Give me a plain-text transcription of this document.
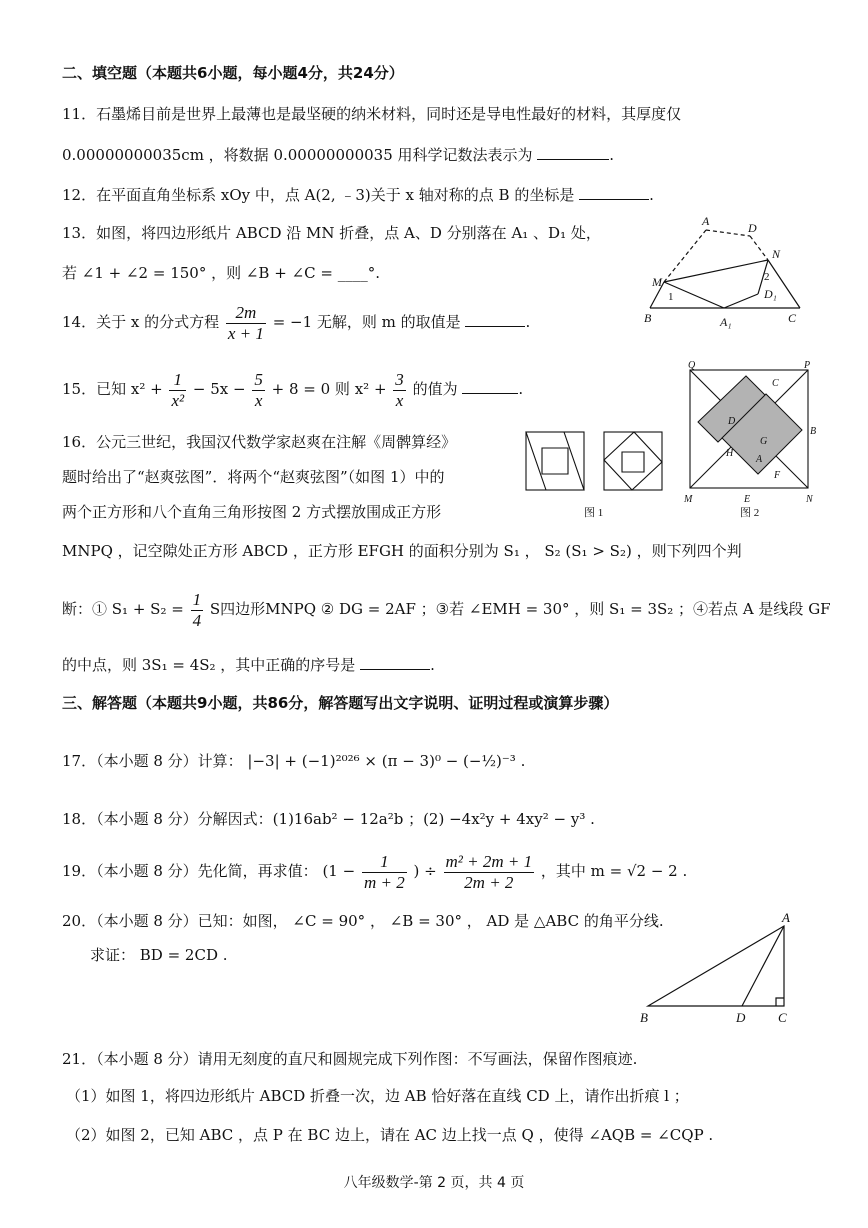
二、填空题（本题共6小题，每小题4分，共24分）
11．石墨烯目前是世界上最薄也是最坚硬的纳米材料，同时还是导电性最好的材料，其厚度仅
0.00000000035cm ，将数据 0.00000000035 用科学记数法表示为	.
12．在平面直角坐标系 xOy 中，点 A(2, ﹣3)关于 x 轴对称的点 B 的坐标是	.
13．如图，将四边形纸片 ABCD 沿 MN 折叠，点 A、D 分别落在 A₁ 、D₁ 处，
若 ∠1 + ∠2 = 150° ，则 ∠B + ∠C = ____°.
A	D
N
M
B	C
A₁
D₁
1
2
14．关于 x 的分式方程 $\frac{2m}{x + 1} = -1$ 无解，则 m 的取值是	.
15．已知 $x^2 + \frac{1}{\text{x²}} - 5x - \frac{5}{x} + 8 = 0$ 则 $x^2 + \frac{3}{x}$ 的值为	.
16．公元三世纪，我国汉代数学家赵爽在注解《周髀算经》
题时给出了“赵爽弦图”．将两个“赵爽弦图”（如图 1）中的
两个正方形和八个直角三角形按图 2 方式摆放围成正方形
MNPQ ，记空隙处正方形 ABCD ，正方形 EFGH 的面积分别为 S₁ ， S₂ (S₁ > S₂) ，则下列四个判
断：① $S_1 + S_2 = \frac{1}{4}$ S四边形MNPQ ② DG = 2AF ；③若 ∠EMH = 30° ，则 S₁ = 3S₂ ；④若点 A 是线段 GF
的中点，则 3S₁ = 4S₂ ，其中正确的序号是	.
图 1
Q	P
C
D
B
G
H
A
F
M	E	N
图 2
三、解答题（本题共9小题，共86分，解答题写出文字说明、证明过程或演算步骤）
17．（本小题 8 分）计算： |−3| + (−1)²⁰²⁶ × (π − 3)⁰ − (−½)⁻³ .
18．（本小题 8 分）分解因式：(1)16ab² − 12a²b ；(2) −4x²y + 4xy² − y³ .
19．（本小题 8 分）先化简，再求值： ($1 - \frac{1}{m + 2}$ ) ÷ $\frac{\text{m² + 2m + 1}}{2m + 2}$ ，其中 m = √2 − 2 .
20．（本小题 8 分）已知：如图， ∠C = 90° ， ∠B = 30° ， AD 是 △ABC 的角平分线.
求证： BD = 2CD .
A
B	D	C
21．（本小题 8 分）请用无刻度的直尺和圆规完成下列作图：不写画法，保留作图痕迹.
（1）如图 1，将四边形纸片 ABCD 折叠一次，边 AB 恰好落在直线 CD 上，请作出折痕 l ；
（2）如图 2，已知 ABC ，点 P 在 BC 边上，请在 AC 边上找一点 Q ，使得 ∠AQB = ∠CQP .
八年级数学-第 2 页，共 4 页
